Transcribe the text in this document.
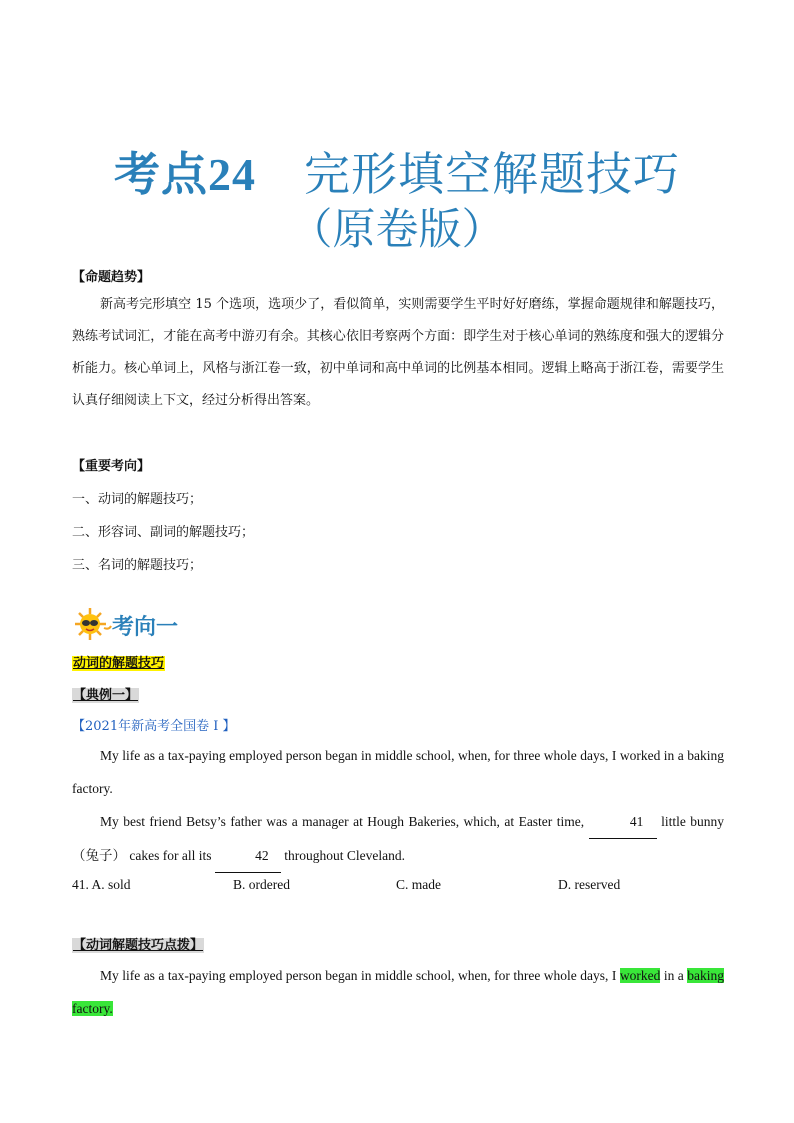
考点24 完形填空解题技巧
（原卷版）
【命题趋势】
新高考完形填空 15 个选项，选项少了，看似简单，实则需要学生平时好好磨练，掌握命题规律和解题技巧，熟练考试词汇，才能在高考中游刃有余。其核心依旧考察两个方面：即学生对于核心单词的熟练度和强大的逻辑分析能力。核心单词上，风格与浙江卷一致，初中单词和高中单词的比例基本相同。逻辑上略高于浙江卷，需要学生认真仔细阅读上下文，经过分析得出答案。
【重要考向】
一、动词的解题技巧；
二、形容词、副词的解题技巧；
三、名词的解题技巧；
考向一
动词的解题技巧
【典例一】
【2021年新高考全国卷 I 】
My life as a tax-paying employed person began in middle school, when, for three whole days, I worked in a baking factory.
My best friend Betsy’s father was a manager at Hough Bakeries, which, at Easter time,	41 little bunny （兔子） cakes for all its	42 throughout Cleveland.
41. A. sold	B. ordered	C. made	D. reserved
【动词解题技巧点拨】
My life as a tax-paying employed person began in middle school, when, for three whole days, I worked in a baking factory.
